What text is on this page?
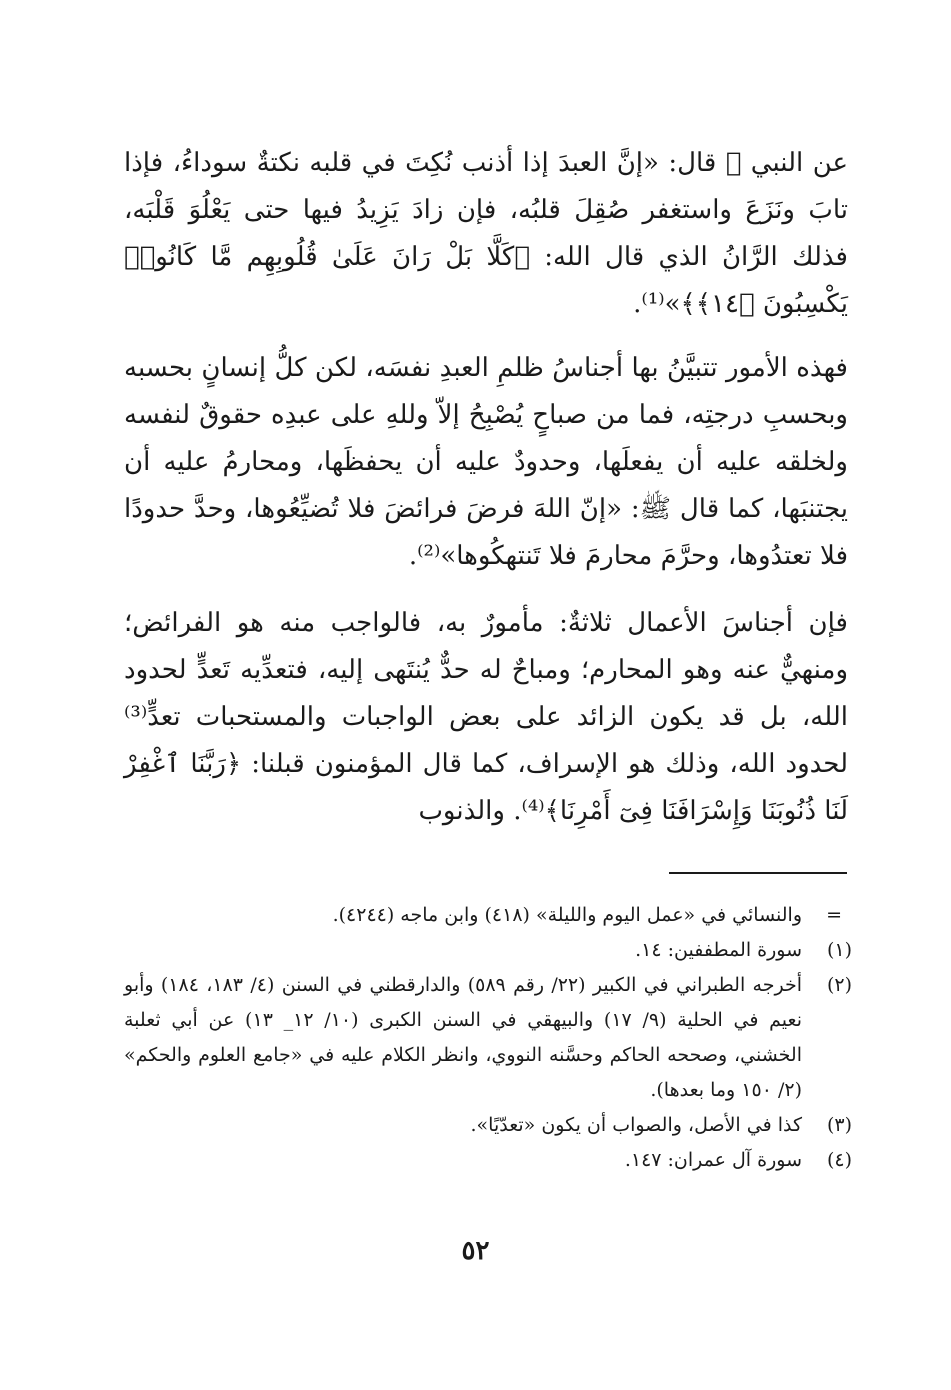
عن النبي ﷺ قال: «إنَّ العبدَ إذا أذنب نُكِتَ في قلبه نكتةٌ سوداءُ، فإذا تابَ ونَزَعَ واستغفر صُقِلَ قلبُه، فإن زادَ يَزِيدُ فيها حتى يَعْلُوَ قَلْبَه، فذلك الرَّانُ الذي قال الله: ﴿كَلَّا بَلْ رَانَ عَلَىٰ قُلُوبِهِم مَّا كَانُوا۟ يَكْسِبُونَ ﴿١٤﴾﴾»⁽¹⁾.

فهذه الأمور تتبيَّنُ بها أجناسُ ظلمِ العبدِ نفسَه، لكن كلُّ إنسانٍ بحسبه وبحسبِ درجتِه، فما من صباحٍ يُصْبِحُ إلاّ وللهِ على عبدِه حقوقٌ لنفسه ولخلقه عليه أن يفعلَها، وحدودٌ عليه أن يحفظَها، ومحارمُ عليه أن يجتنبَها، كما قال ﷺ: «إنّ اللهَ فرضَ فرائضَ فلا تُضيِّعُوها، وحدَّ حدودًا فلا تعتدُوها، وحرَّمَ محارمَ فلا تَنتهكُوها»⁽²⁾.

فإن أجناسَ الأعمال ثلاثةٌ: مأمورٌ به، فالواجب منه هو الفرائض؛ ومنهيٌّ عنه وهو المحارم؛ ومباحٌ له حدٌّ يُنتَهى إليه، فتعدِّيه تَعدٍّ لحدود الله، بل قد يكون الزائد على بعض الواجبات والمستحبات تعدٍّ⁽³⁾ لحدود الله، وذلك هو الإسراف، كما قال المؤمنون قبلنا: ﴿رَبَّنَا ٱغْفِرْ لَنَا ذُنُوبَنَا وَإِسْرَافَنَا فِىٓ أَمْرِنَا﴾⁽⁴⁾. والذنوب

=
والنسائي في «عمل اليوم والليلة» (٤١٨) وابن ماجه (٤٢٤٤).
(١)
سورة المطففين: ١٤.
(٢)
أخرجه الطبراني في الكبير (٢٢/ رقم ٥٨٩) والدارقطني في السنن (٤/ ١٨٣، ١٨٤) وأبو نعيم في الحلية (٩/ ١٧) والبيهقي في السنن الكبرى (١٠/ ١٢_ ١٣) عن أبي ثعلبة الخشني، وصححه الحاكم وحسَّنه النووي، وانظر الكلام عليه في «جامع العلوم والحكم» (٢/ ١٥٠ وما بعدها).
(٣)
كذا في الأصل، والصواب أن يكون «تعدّيًا».
(٤)
سورة آل عمران: ١٤٧.
٥٢
